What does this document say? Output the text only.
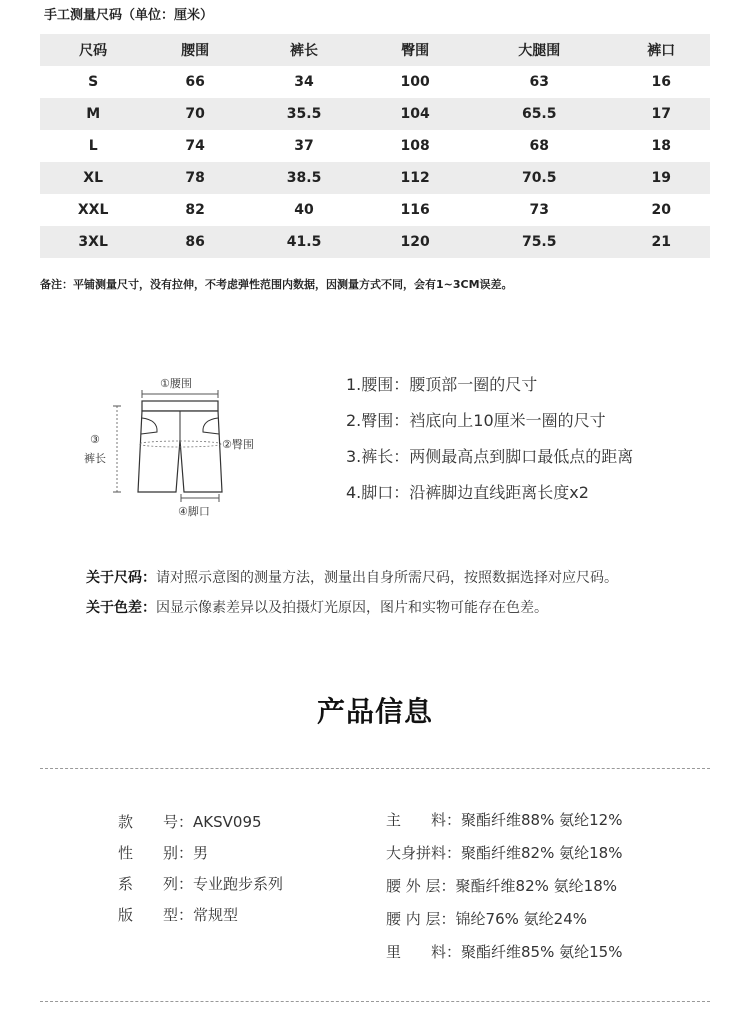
手工测量尺码（单位：厘米）
尺码	腰围	裤长	臀围	大腿围	裤口
S	66	34	100	63	16
M	70	35.5	104	65.5	17
L	74	37	108	68	18
XL	78	38.5	112	70.5	19
XXL	82	40	116	73	20
3XL	86	41.5	120	75.5	21
备注：平铺测量尺寸，没有拉伸，不考虑弹性范围内数据，因测量方式不同，会有1~3CM误差。
①腰围
②臀围
③
裤长
④脚口
1.腰围：腰顶部一圈的尺寸
2.臀围：裆底向上10厘米一圈的尺寸
3.裤长：两侧最高点到脚口最低点的距离
4.脚口：沿裤脚边直线距离长度x2
关于尺码：请对照示意图的测量方法，测量出自身所需尺码，按照数据选择对应尺码。
关于色差：因显示像素差异以及拍摄灯光原因，图片和实物可能存在色差。
产品信息
款　　号：AKSV095
性　　别：男
系　　列：专业跑步系列
版　　型：常规型
主　　料：聚酯纤维88% 氨纶12%
大身拼料：聚酯纤维82% 氨纶18%
腰 外 层：聚酯纤维82% 氨纶18%
腰 内 层：锦纶76% 氨纶24%
里　　料：聚酯纤维85% 氨纶15%
